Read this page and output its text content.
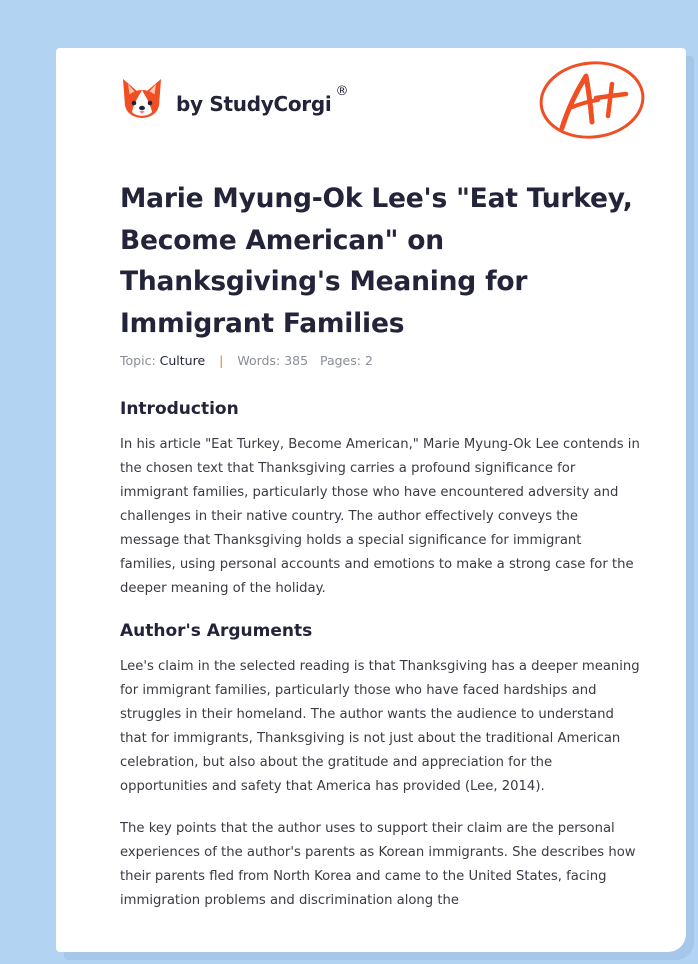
by StudyCorgi
®
Marie Myung-Ok Lee's "Eat Turkey, Become American" on Thanksgiving's Meaning for Immigrant Families
Topic: Culture | Words: 385 Pages: 2
Introduction

In his article "Eat Turkey, Become American," Marie Myung-Ok Lee contends in the chosen text that Thanksgiving carries a profound significance for immigrant families, particularly those who have encountered adversity and challenges in their native country. The author effectively conveys the message that Thanksgiving holds a special significance for immigrant families, using personal accounts and emotions to make a strong case for the deeper meaning of the holiday.

Author's Arguments

Lee's claim in the selected reading is that Thanksgiving has a deeper meaning for immigrant families, particularly those who have faced hardships and struggles in their homeland. The author wants the audience to understand that for immigrants, Thanksgiving is not just about the traditional American celebration, but also about the gratitude and appreciation for the opportunities and safety that America has provided (Lee, 2014).

The key points that the author uses to support their claim are the personal experiences of the author's parents as Korean immigrants. She describes how their parents fled from North Korea and came to the United States, facing immigration problems and discrimination along the
